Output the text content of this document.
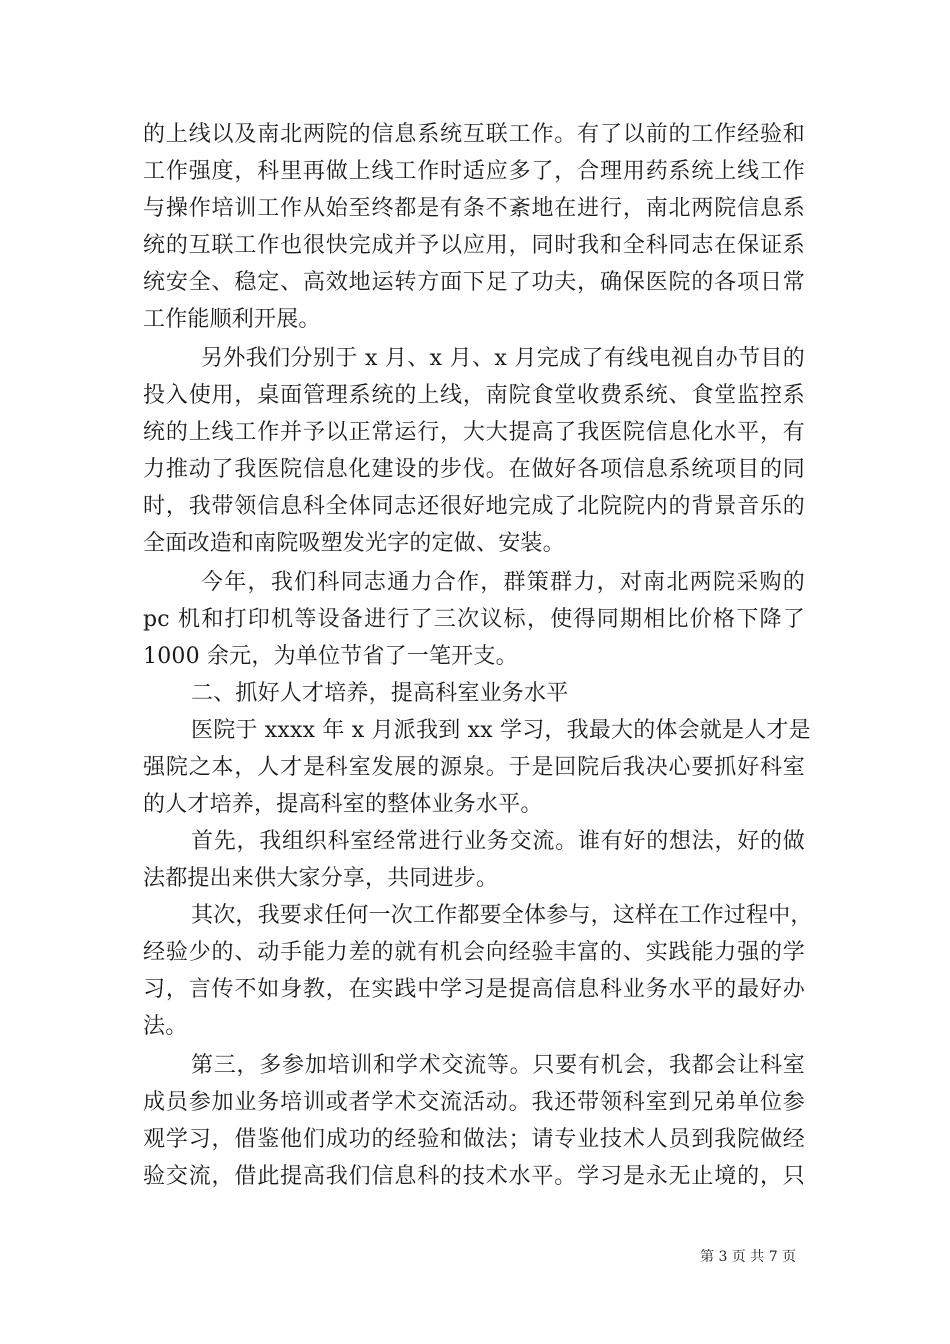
的上线以及南北两院的信息系统互联工作。有了以前的工作经验和
工作强度，科里再做上线工作时适应多了，合理用药系统上线工作
与操作培训工作从始至终都是有条不紊地在进行，南北两院信息系
统的互联工作也很快完成并予以应用，同时我和全科同志在保证系
统安全、稳定、高效地运转方面下足了功夫，确保医院的各项日常
工作能顺利开展。
另外我们分别于 x 月、x 月、x 月完成了有线电视自办节目的
投入使用，桌面管理系统的上线，南院食堂收费系统、食堂监控系
统的上线工作并予以正常运行，大大提高了我医院信息化水平，有
力推动了我医院信息化建设的步伐。在做好各项信息系统项目的同
时，我带领信息科全体同志还很好地完成了北院院内的背景音乐的
全面改造和南院吸塑发光字的定做、安装。
今年，我们科同志通力合作，群策群力，对南北两院采购的
pc 机和打印机等设备进行了三次议标，使得同期相比价格下降了
1000 余元，为单位节省了一笔开支。
二、抓好人才培养，提高科室业务水平
医院于 xxxx 年 x 月派我到 xx 学习，我最大的体会就是人才是
强院之本，人才是科室发展的源泉。于是回院后我决心要抓好科室
的人才培养，提高科室的整体业务水平。
首先，我组织科室经常进行业务交流。谁有好的想法，好的做
法都提出来供大家分享，共同进步。
其次，我要求任何一次工作都要全体参与，这样在工作过程中，
经验少的、动手能力差的就有机会向经验丰富的、实践能力强的学
习，言传不如身教，在实践中学习是提高信息科业务水平的最好办
法。
第三，多参加培训和学术交流等。只要有机会，我都会让科室
成员参加业务培训或者学术交流活动。我还带领科室到兄弟单位参
观学习，借鉴他们成功的经验和做法；请专业技术人员到我院做经
验交流，借此提高我们信息科的技术水平。学习是永无止境的，只
第 3 页 共 7 页
